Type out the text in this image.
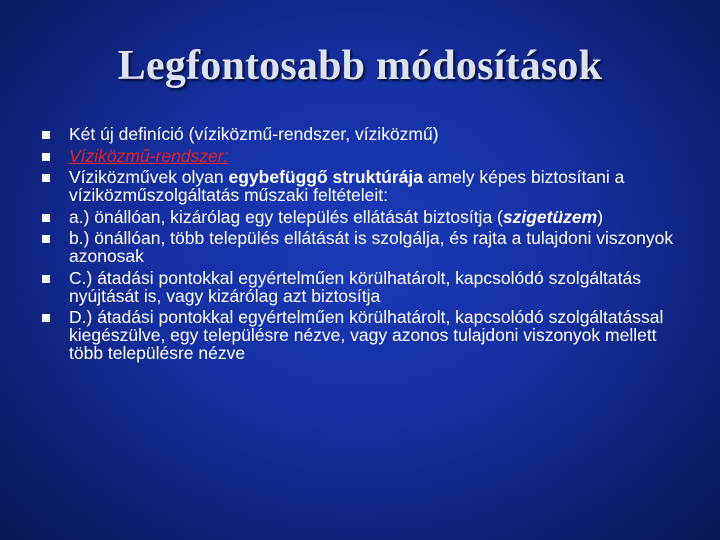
Legfontosabb módosítások
Két új definíció (víziközmű-rendszer, víziközmű)
Víziközmű-rendszer:
Víziközművek olyan egybefüggő struktúrája amely képes biztosítani a víziközműszolgáltatás műszaki feltételeit:
a.) önállóan, kizárólag egy település ellátását biztosítja (szigetüzem)
b.) önállóan, több település ellátását is szolgálja, és rajta a tulajdoni viszonyok azonosak
C.) átadási pontokkal egyértelműen körülhatárolt, kapcsolódó szolgáltatás nyújtását is, vagy kizárólag azt biztosítja
D.) átadási pontokkal egyértelműen körülhatárolt, kapcsolódó szolgáltatással kiegészülve, egy településre nézve, vagy azonos tulajdoni viszonyok mellett több településre nézve
